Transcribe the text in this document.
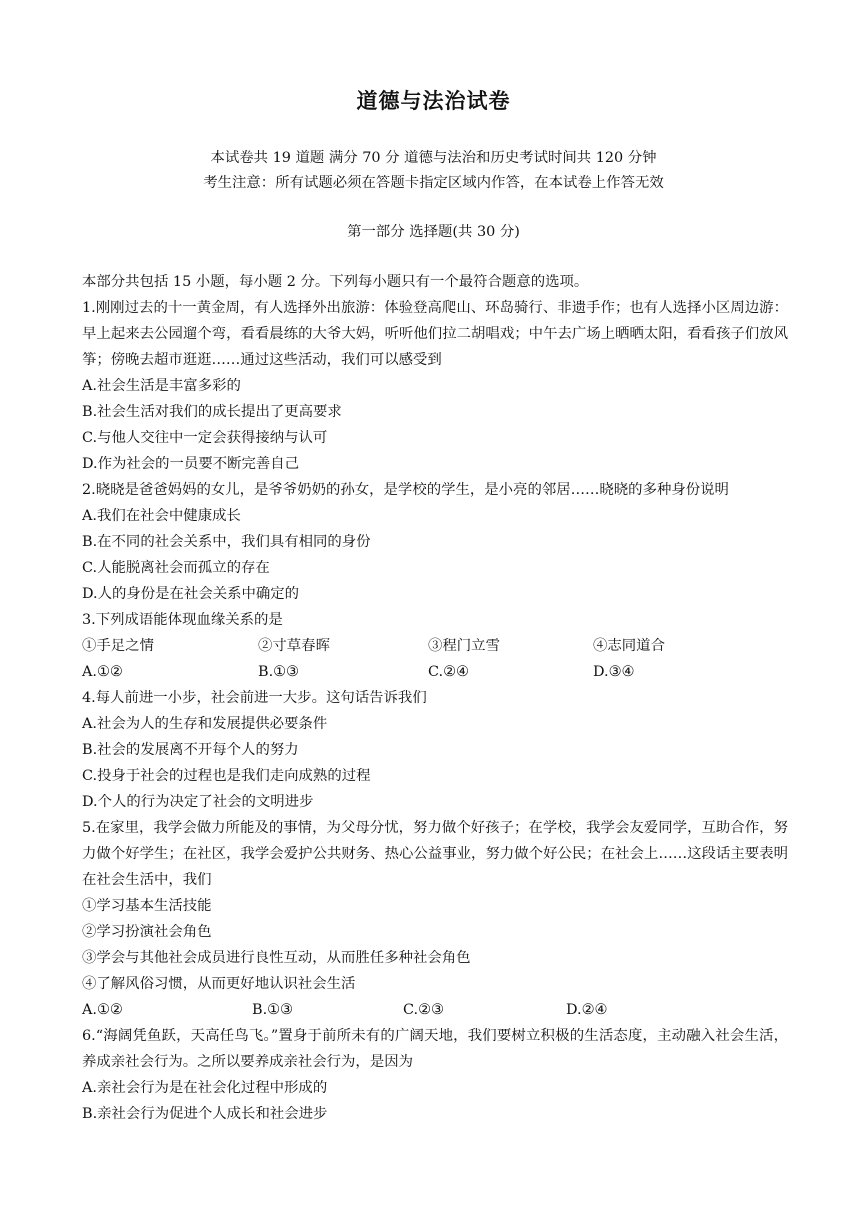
道德与法治试卷
本试卷共 19 道题 满分 70 分 道德与法治和历史考试时间共 120 分钟
考生注意：所有试题必须在答题卡指定区域内作答，在本试卷上作答无效
第一部分 选择题(共 30 分)

本部分共包括 15 小题，每小题 2 分。下列每小题只有一个最符合题意的选项。

1.刚刚过去的十一黄金周，有人选择外出旅游：体验登高爬山、环岛骑行、非遗手作；也有人选择小区周边游：早上起来去公园遛个弯，看看晨练的大爷大妈，听听他们拉二胡唱戏；中午去广场上晒晒太阳，看看孩子们放风筝；傍晚去超市逛逛……通过这些活动，我们可以感受到

A.社会生活是丰富多彩的

B.社会生活对我们的成长提出了更高要求

C.与他人交往中一定会获得接纳与认可

D.作为社会的一员要不断完善自己

2.晓晓是爸爸妈妈的女儿，是爷爷奶奶的孙女，是学校的学生，是小亮的邻居……晓晓的多种身份说明

A.我们在社会中健康成长

B.在不同的社会关系中，我们具有相同的身份

C.人能脱离社会而孤立的存在

D.人的身份是在社会关系中确定的

3.下列成语能体现血缘关系的是

①手足之情	②寸草春晖	③程门立雪	④志同道合
A.①②	B.①③	C.②④	D.③④

4.每人前进一小步，社会前进一大步。这句话告诉我们

A.社会为人的生存和发展提供必要条件

B.社会的发展离不开每个人的努力

C.投身于社会的过程也是我们走向成熟的过程

D.个人的行为决定了社会的文明进步

5.在家里，我学会做力所能及的事情，为父母分忧，努力做个好孩子；在学校，我学会友爱同学，互助合作，努力做个好学生；在社区，我学会爱护公共财务、热心公益事业，努力做个好公民；在社会上……这段话主要表明在社会生活中，我们

①学习基本生活技能

②学习扮演社会角色

③学会与其他社会成员进行良性互动，从而胜任多种社会角色

④了解风俗习惯，从而更好地认识社会生活

A.①②	B.①③	C.②③	D.②④

6.“海阔凭鱼跃，天高任鸟飞。”置身于前所未有的广阔天地，我们要树立积极的生活态度，主动融入社会生活，养成亲社会行为。之所以要养成亲社会行为，是因为

A.亲社会行为是在社会化过程中形成的

B.亲社会行为促进个人成长和社会进步
